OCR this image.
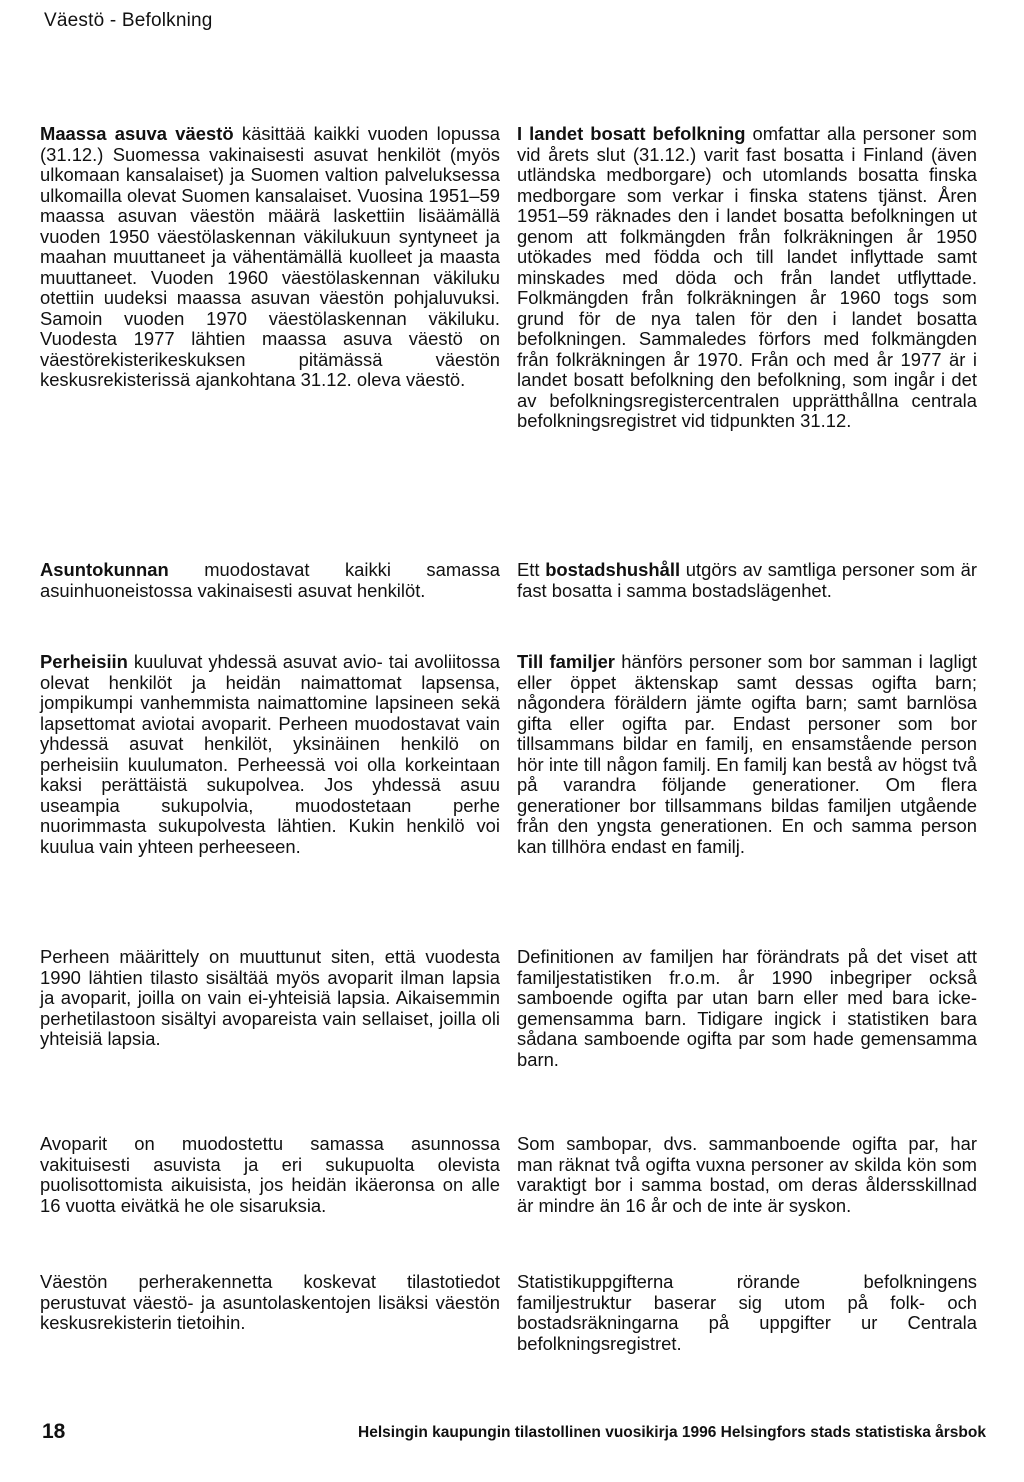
Väestö - Befolkning

Maassa asuva väestö käsittää kaikki vuoden lopussa (31.12.) Suomessa vakinaisesti asuvat henkilöt (myös ulkomaan kansalaiset) ja Suomen valtion palveluksessa ulkomailla olevat Suomen kansalaiset. Vuosina 1951–59 maassa asuvan väestön määrä laskettiin lisäämällä vuoden 1950 väestölaskennan väkilukuun syntyneet ja maahan muuttaneet ja vähentämällä kuolleet ja maasta muuttaneet. Vuoden 1960 väestölaskennan väkiluku otettiin uudeksi maassa asuvan väestön pohjaluvuksi. Samoin vuoden 1970 väestölaskennan väkiluku. Vuodesta 1977 lähtien maassa asuva väestö on väestörekisterikeskuksen pitämässä väestön keskusrekisterissä ajankohtana 31.12. oleva väestö.

Asuntokunnan muodostavat kaikki samassa asuinhuoneistossa vakinaisesti asuvat henkilöt.

Perheisiin kuuluvat yhdessä asuvat avio- tai avoliitossa olevat henkilöt ja heidän naimattomat lapsensa, jompikumpi vanhemmista naimattomine lapsineen sekä lapsettomat aviotai avoparit. Perheen muodostavat vain yhdessä asuvat henkilöt, yksinäinen henkilö on perheisiin kuulumaton. Perheessä voi olla korkeintaan kaksi perättäistä sukupolvea. Jos yhdessä asuu useampia sukupolvia, muodostetaan perhe nuorimmasta sukupolvesta lähtien. Kukin henkilö voi kuulua vain yhteen perheeseen.

Perheen määrittely on muuttunut siten, että vuodesta 1990 lähtien tilasto sisältää myös avoparit ilman lapsia ja avoparit, joilla on vain ei-yhteisiä lapsia. Aikaisemmin perhetilastoon sisältyi avopareista vain sellaiset, joilla oli yhteisiä lapsia.

Avoparit on muodostettu samassa asunnossa vakituisesti asuvista ja eri sukupuolta olevista puolisottomista aikuisista, jos heidän ikäeronsa on alle 16 vuotta eivätkä he ole sisaruksia.

Väestön perherakennetta koskevat tilastotiedot perustuvat väestö- ja asuntolaskentojen lisäksi väestön keskusrekisterin tietoihin.

I landet bosatt befolkning omfattar alla personer som vid årets slut (31.12.) varit fast bosatta i Finland (även utländska medborgare) och utomlands bosatta finska medborgare som verkar i finska statens tjänst. Åren 1951–59 räknades den i landet bosatta befolkningen ut genom att folkmängden från folkräkningen år 1950 utökades med födda och till landet inflyttade samt minskades med döda och från landet utflyttade. Folkmängden från folkräkningen år 1960 togs som grund för de nya talen för den i landet bosatta befolkningen. Sammaledes förfors med folkmängden från folkräkningen år 1970. Från och med år 1977 är i landet bosatt befolkning den befolkning, som ingår i det av befolkningsregistercentralen upprätthållna centrala befolkningsregistret vid tidpunkten 31.12.

Ett bostadshushåll utgörs av samtliga personer som är fast bosatta i samma bostadslägenhet.

Till familjer hänförs personer som bor samman i lagligt eller öppet äktenskap samt dessas ogifta barn; någondera föräldern jämte ogifta barn; samt barnlösa gifta eller ogifta par. Endast personer som bor tillsammans bildar en familj, en ensamstående person hör inte till någon familj. En familj kan bestå av högst två på varandra följande generationer. Om flera generationer bor tillsammans bildas familjen utgående från den yngsta generationen. En och samma person kan tillhöra endast en familj.

Definitionen av familjen har förändrats på det viset att familjestatistiken fr.o.m. år 1990 inbegriper också samboende ogifta par utan barn eller med bara icke-gemensamma barn. Tidigare ingick i statistiken bara sådana samboende ogifta par som hade gemensamma barn.

Som sambopar, dvs. sammanboende ogifta par, har man räknat två ogifta vuxna personer av skilda kön som varaktigt bor i samma bostad, om deras åldersskillnad är mindre än 16 år och de inte är syskon.

Statistikuppgifterna rörande befolkningens familjestruktur baserar sig utom på folk- och bostadsräkningarna på uppgifter ur Centrala befolkningsregistret.

18	Helsingin kaupungin tilastollinen vuosikirja 1996 Helsingfors stads statistiska årsbok
